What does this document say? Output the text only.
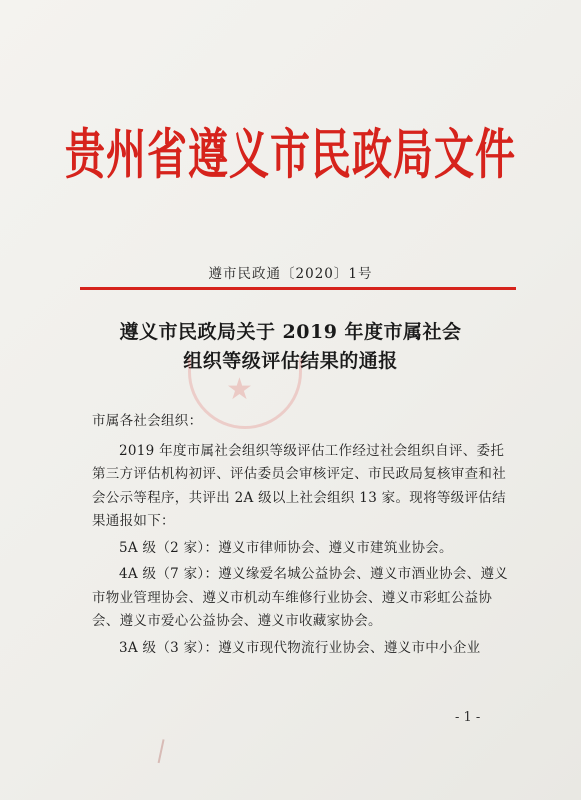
贵州省遵义市民政局文件
遵市民政通〔2020〕1号
遵义市民政局关于 2019 年度市属社会
组织等级评估结果的通报
★

市属各社会组织：

2019 年度市属社会组织等级评估工作经过社会组织自评、委托第三方评估机构初评、评估委员会审核评定、市民政局复核审查和社会公示等程序，共评出 2A 级以上社会组织 13 家。现将等级评估结果通报如下：

5A 级（2 家）：遵义市律师协会、遵义市建筑业协会。

4A 级（7 家）：遵义缘爱名城公益协会、遵义市酒业协会、遵义市物业管理协会、遵义市机动车维修行业协会、遵义市彩虹公益协会、遵义市爱心公益协会、遵义市收藏家协会。

3A 级（3 家）：遵义市现代物流行业协会、遵义市中小企业

- 1 -
